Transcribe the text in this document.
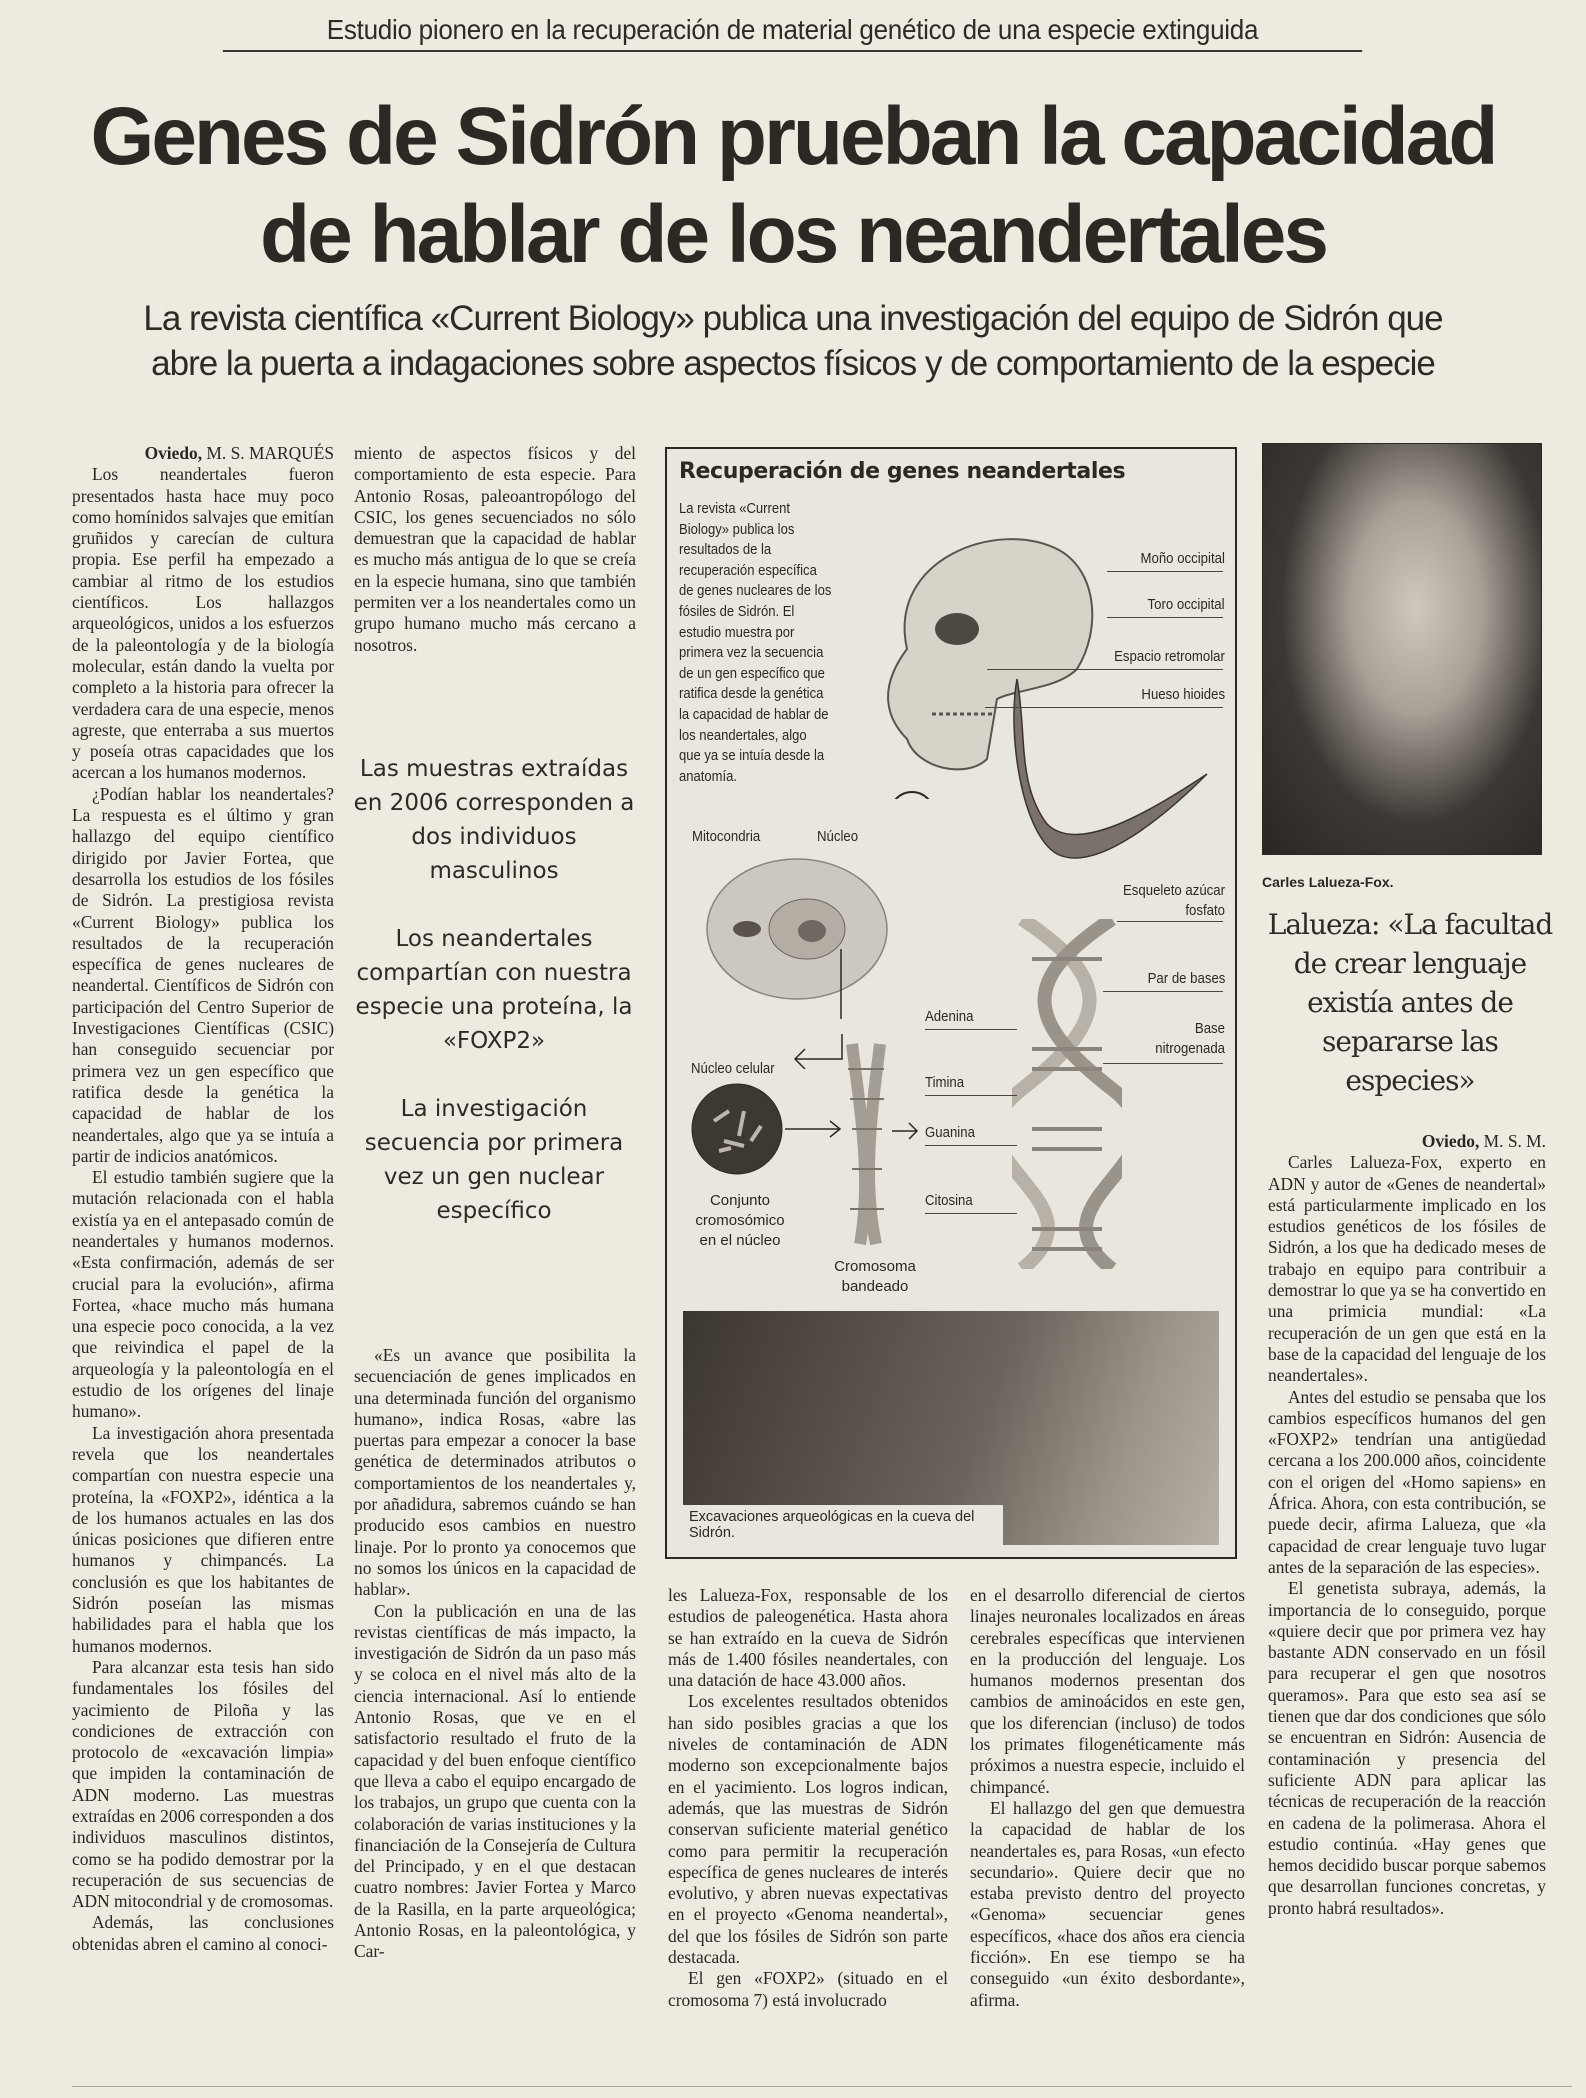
Estudio pionero en la recuperación de material genético de una especie extinguida
Genes de Sidrón prueban la capacidad
de hablar de los neandertales
La revista científica «Current Biology» publica una investigación del equipo de Sidrón que
abre la puerta a indagaciones sobre aspectos físicos y de comportamiento de la especie

Oviedo, M. S. MARQUÉS

Los neandertales fueron presentados hasta hace muy poco como homínidos salvajes que emitían gruñidos y carecían de cultura propia. Ese perfil ha empezado a cambiar al ritmo de los estudios científicos. Los hallazgos arqueológicos, unidos a los esfuerzos de la paleontología y de la biología molecular, están dando la vuelta por completo a la historia para ofrecer la verdadera cara de una especie, menos agreste, que enterraba a sus muertos y poseía otras capacidades que los acercan a los humanos modernos.

¿Podían hablar los neandertales? La respuesta es el último y gran hallazgo del equipo científico dirigido por Javier Fortea, que desarrolla los estudios de los fósiles de Sidrón. La prestigiosa revista «Current Biology» publica los resultados de la recuperación específica de genes nucleares de neandertal. Científicos de Sidrón con participación del Centro Superior de Investigaciones Científicas (CSIC) han conseguido secuenciar por primera vez un gen específico que ratifica desde la genética la capacidad de hablar de los neandertales, algo que ya se intuía a partir de indicios anatómicos.

El estudio también sugiere que la mutación relacionada con el habla existía ya en el antepasado común de neandertales y humanos modernos. «Esta confirmación, además de ser crucial para la evolución», afirma Fortea, «hace mucho más humana una especie poco conocida, a la vez que reivindica el papel de la arqueología y la paleontología en el estudio de los orígenes del linaje humano».

La investigación ahora presentada revela que los neandertales compartían con nuestra especie una proteína, la «FOXP2», idéntica a la de los humanos actuales en las dos únicas posiciones que difieren entre humanos y chimpancés. La conclusión es que los habitantes de Sidrón poseían las mismas habilidades para el habla que los humanos modernos.

Para alcanzar esta tesis han sido fundamentales los fósiles del yacimiento de Piloña y las condiciones de extracción con protocolo de «excavación limpia» que impiden la contaminación de ADN moderno. Las muestras extraídas en 2006 corresponden a dos individuos masculinos distintos, como se ha podido demostrar por la recuperación de sus secuencias de ADN mitocondrial y de cromosomas.

Además, las conclusiones obtenidas abren el camino al conoci-

miento de aspectos físicos y del comportamiento de esta especie. Para Antonio Rosas, paleoantropólogo del CSIC, los genes secuenciados no sólo demuestran que la capacidad de hablar es mucho más antigua de lo que se creía en la especie humana, sino que también permiten ver a los neandertales como un grupo humano mucho más cercano a nosotros.

Las muestras extraídas en 2006 corresponden a dos individuos masculinos
Los neandertales compartían con nuestra especie una proteína, la «FOXP2»
La investigación secuencia por primera vez un gen nuclear específico

«Es un avance que posibilita la secuenciación de genes implicados en una determinada función del organismo humano», indica Rosas, «abre las puertas para empezar a conocer la base genética de determinados atributos o comportamientos de los neandertales y, por añadidura, sabremos cuándo se han producido esos cambios en nuestro linaje. Por lo pronto ya conocemos que no somos los únicos en la capacidad de hablar».

Con la publicación en una de las revistas científicas de más impacto, la investigación de Sidrón da un paso más y se coloca en el nivel más alto de la ciencia internacional. Así lo entiende Antonio Rosas, que ve en el satisfactorio resultado el fruto de la capacidad y del buen enfoque científico que lleva a cabo el equipo encargado de los trabajos, un grupo que cuenta con la colaboración de varias instituciones y la financiación de la Consejería de Cultura del Principado, y en el que destacan cuatro nombres: Javier Fortea y Marco de la Rasilla, en la parte arqueológica; Antonio Rosas, en la paleontológica, y Car-

Recuperación de genes neandertales
La revista «Current Biology» publica los resultados de la recuperación específica de genes nucleares de los fósiles de Sidrón. El estudio muestra por primera vez la secuencia de un gen específico que ratifica desde la genética la capacidad de hablar de los neandertales, algo que ya se intuía desde la anatomía.
Moño occipital
Toro occipital
Espacio retromolar
Hueso hioides
Mitocondria	Núcleo
Núcleo celular
Conjunto cromosómico en el núcleo
Cromosoma bandeado
Esqueleto azúcar fosfato
Par de bases
Base nitrogenada
Adenina
Timina
Guanina
Citosina
Excavaciones arqueológicas en la cueva del Sidrón.

les Lalueza-Fox, responsable de los estudios de paleogenética. Hasta ahora se han extraído en la cueva de Sidrón más de 1.400 fósiles neandertales, con una datación de hace 43.000 años.

Los excelentes resultados obtenidos han sido posibles gracias a que los niveles de contaminación de ADN moderno son excepcionalmente bajos en el yacimiento. Los logros indican, además, que las muestras de Sidrón conservan suficiente material genético como para permitir la recuperación específica de genes nucleares de interés evolutivo, y abren nuevas expectativas en el proyecto «Genoma neandertal», del que los fósiles de Sidrón son parte destacada.

El gen «FOXP2» (situado en el cromosoma 7) está involucrado

en el desarrollo diferencial de ciertos linajes neuronales localizados en áreas cerebrales específicas que intervienen en la producción del lenguaje. Los humanos modernos presentan dos cambios de aminoácidos en este gen, que los diferencian (incluso) de todos los primates filogenéticamente más próximos a nuestra especie, incluido el chimpancé.

El hallazgo del gen que demuestra la capacidad de hablar de los neandertales es, para Rosas, «un efecto secundario». Quiere decir que no estaba previsto dentro del proyecto «Genoma» secuenciar genes específicos, «hace dos años era ciencia ficción». En ese tiempo se ha conseguido «un éxito desbordante», afirma.

Carles Lalueza-Fox.
Lalueza: «La facultad de crear lenguaje existía antes de separarse las especies»

Oviedo, M. S. M.

Carles Lalueza-Fox, experto en ADN y autor de «Genes de neandertal» está particularmente implicado en los estudios genéticos de los fósiles de Sidrón, a los que ha dedicado meses de trabajo en equipo para contribuir a demostrar lo que ya se ha convertido en una primicia mundial: «La recuperación de un gen que está en la base de la capacidad del lenguaje de los neandertales».

Antes del estudio se pensaba que los cambios específicos humanos del gen «FOXP2» tendrían una antigüedad cercana a los 200.000 años, coincidente con el origen del «Homo sapiens» en África. Ahora, con esta contribución, se puede decir, afirma Lalueza, que «la capacidad de crear lenguaje tuvo lugar antes de la separación de las especies».

El genetista subraya, además, la importancia de lo conseguido, porque «quiere decir que por primera vez hay bastante ADN conservado en un fósil para recuperar el gen que nosotros queramos». Para que esto sea así se tienen que dar dos condiciones que sólo se encuentran en Sidrón: Ausencia de contaminación y presencia del suficiente ADN para aplicar las técnicas de recuperación de la reacción en cadena de la polimerasa. Ahora el estudio continúa. «Hay genes que hemos decidido buscar porque sabemos que desarrollan funciones concretas, y pronto habrá resultados».
